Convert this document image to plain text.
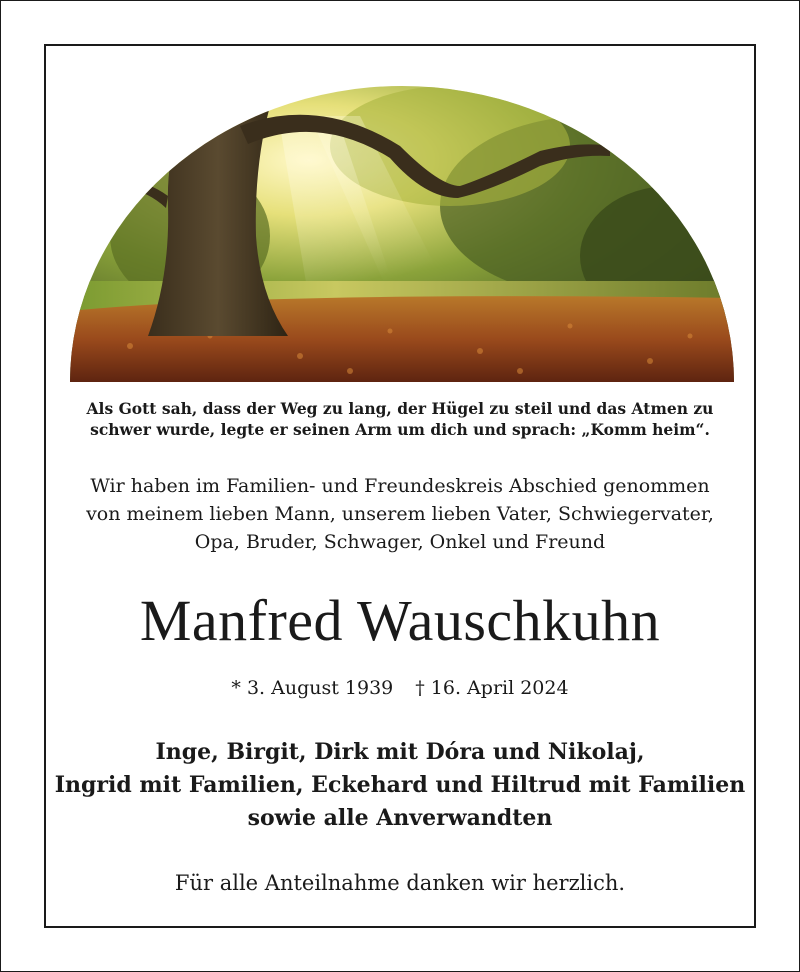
Als Gott sah, dass der Weg zu lang, der Hügel zu steil und das Atmen zu
schwer wurde, legte er seinen Arm um dich und sprach: „Komm heim“.

Wir haben im Familien- und Freundeskreis Abschied genommen
von meinem lieben Mann, unserem lieben Vater, Schwiegervater,
Opa, Bruder, Schwager, Onkel und Freund

Manfred Wauschkuhn

* 3. August 1939 † 16. April 2024

Inge, Birgit, Dirk mit Dóra und Nikolaj,
Ingrid mit Familien, Eckehard und Hiltrud mit Familien
sowie alle Anverwandten

Für alle Anteilnahme danken wir herzlich.
